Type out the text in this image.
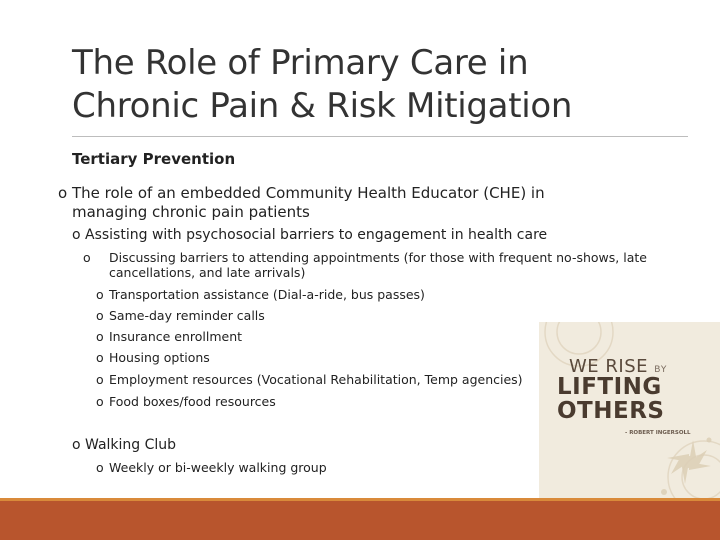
The Role of Primary Care in
Chronic Pain & Risk Mitigation
Tertiary Prevention
o The role of an embedded Community Health Educator (CHE) in managing chronic pain patients
o Assisting with psychosocial barriers to engagement in health care
o Discussing barriers to attending appointments (for those with frequent no-shows, late cancellations, and late arrivals)
o Transportation assistance (Dial-a-ride, bus passes)
o Same-day reminder calls
o Insurance enrollment
o Housing options
o Employment resources (Vocational Rehabilitation, Temp agencies)
o Food boxes/food resources
o Walking Club
o Weekly or bi-weekly walking group
WE RISE BY
LIFTING
OTHERS
- ROBERT INGERSOLL
